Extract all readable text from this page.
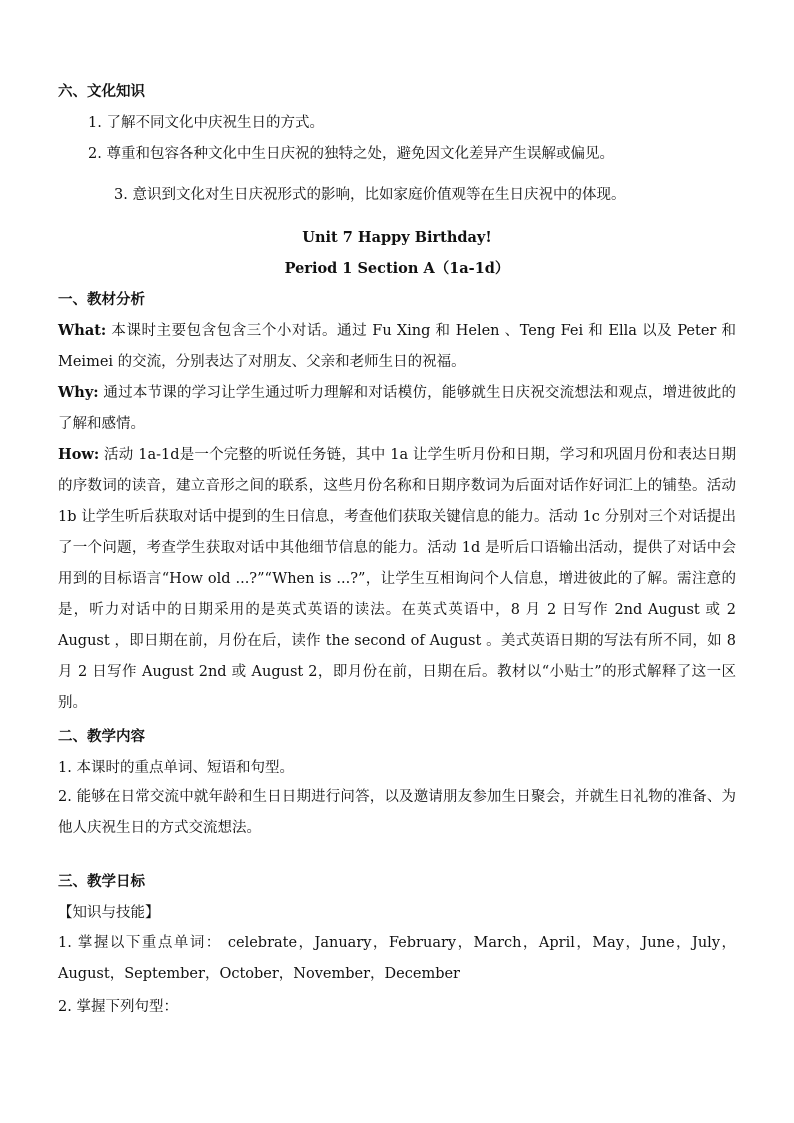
六、文化知识
1. 了解不同文化中庆祝生日的方式。
2. 尊重和包容各种文化中生日庆祝的独特之处，避免因文化差异产生误解或偏见。
3. 意识到文化对生日庆祝形式的影响，比如家庭价值观等在生日庆祝中的体现。
Unit 7 Happy Birthday!
Period 1 Section A（1a-1d）
一、教材分析
What: 本课时主要包含包含三个小对话。通过 Fu Xing 和 Helen 、Teng Fei 和 Ella 以及 Peter 和 Meimei 的交流，分别表达了对朋友、父亲和老师生日的祝福。
Why: 通过本节课的学习让学生通过听力理解和对话模仿，能够就生日庆祝交流想法和观点，增进彼此的了解和感情。
How: 活动 1a-1d是一个完整的听说任务链，其中 1a 让学生听月份和日期，学习和巩固月份和表达日期的序数词的读音，建立音形之间的联系，这些月份名称和日期序数词为后面对话作好词汇上的铺垫。活动 1b 让学生听后获取对话中提到的生日信息，考查他们获取关键信息的能力。活动 1c 分别对三个对话提出了一个问题，考查学生获取对话中其他细节信息的能力。活动 1d 是听后口语输出活动，提供了对话中会用到的目标语言“How old ...?”“When is ...?”，让学生互相询问个人信息，增进彼此的了解。需注意的是，听力对话中的日期采用的是英式英语的读法。在英式英语中，8 月 2 日写作 2nd August 或 2 August ，即日期在前，月份在后，读作 the second of August 。美式英语日期的写法有所不同，如 8 月 2 日写作 August 2nd 或 August 2，即月份在前，日期在后。教材以“小贴士”的形式解释了这一区别。
二、教学内容
1. 本课时的重点单词、短语和句型。
2. 能够在日常交流中就年龄和生日日期进行问答，以及邀请朋友参加生日聚会，并就生日礼物的准备、为他人庆祝生日的方式交流想法。
三、教学日标
【知识与技能】
1. 掌握以下重点单词： celebrate，January，February，March，April，May，June，July，August，September，October，November，December
2. 掌握下列句型：
